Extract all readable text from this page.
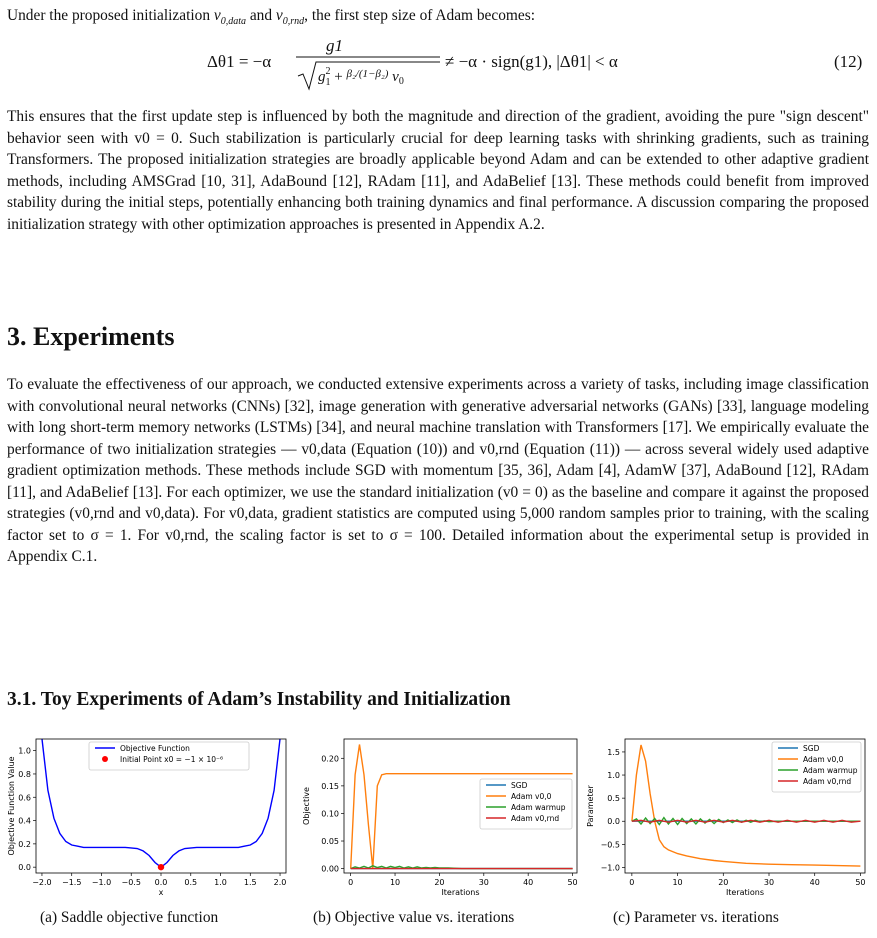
Under the proposed initialization $v_{0,data}$ and $v_{0,rnd}$, the first step size of Adam becomes:

Δθ1 = −α
g1
$g^2$ 1 + $^{\beta_2/(1-\beta_2)}$ $v_0$
≠ −α · sign(g1), |Δθ1| < α	(12)

This ensures that the first update step is influenced by both the magnitude and direction of the gradient, avoiding the pure "sign descent" behavior seen with v0 = 0. Such stabilization is particularly crucial for deep learning tasks with shrinking gradients, such as training Transformers. The proposed initialization strategies are broadly applicable beyond Adam and can be extended to other adaptive gradient methods, including AMSGrad [10, 31], AdaBound [12], RAdam [11], and AdaBelief [13]. These methods could benefit from improved stability during the initial steps, potentially enhancing both training dynamics and final performance. A discussion comparing the proposed initialization strategy with other optimization approaches is presented in Appendix A.2.

3. Experiments

To evaluate the effectiveness of our approach, we conducted extensive experiments across a variety of tasks, including image classification with convolutional neural networks (CNNs) [32], image generation with generative adversarial networks (GANs) [33], language modeling with long short-term memory networks (LSTMs) [34], and neural machine translation with Transformers [17]. We empirically evaluate the performance of two initialization strategies — v0,data (Equation (10)) and v0,rnd (Equation (11)) — across several widely used adaptive gradient optimization methods. These methods include SGD with momentum [35, 36], Adam [4], AdamW [37], AdaBound [12], RAdam [11], and AdaBelief [13]. For each optimizer, we use the standard initialization (v0 = 0) as the baseline and compare it against the proposed strategies (v0,rnd and v0,data). For v0,data, gradient statistics are computed using 5,000 random samples prior to training, with the scaling factor set to σ = 1. For v0,rnd, the scaling factor is set to σ = 100. Detailed information about the experimental setup is provided in Appendix C.1.

3.1. Toy Experiments of Adam’s Instability and Initialization
−2.0 −1.5 −1.0 −0.5 0.0 0.5 1.0 1.5 2.0
0.0
0.2
0.4
0.6
0.8
1.0
x
Objective Function Value
Objective Function
Initial Point x0 = −1 × 10⁻⁶
0	10	20	30	40	50
0.00
0.05
0.10
0.15
0.20
Iterations
Objective
SGD
Adam v0,0
Adam warmup
Adam v0,rnd
0	10	20	30	40	50
−1.0
−0.5
0.0
0.5
1.0
1.5
Iterations
Parameter
SGD
Adam v0,0
Adam warmup
Adam v0,rnd
(a) Saddle objective function	(b) Objective value vs. iterations	(c) Parameter vs. iterations
